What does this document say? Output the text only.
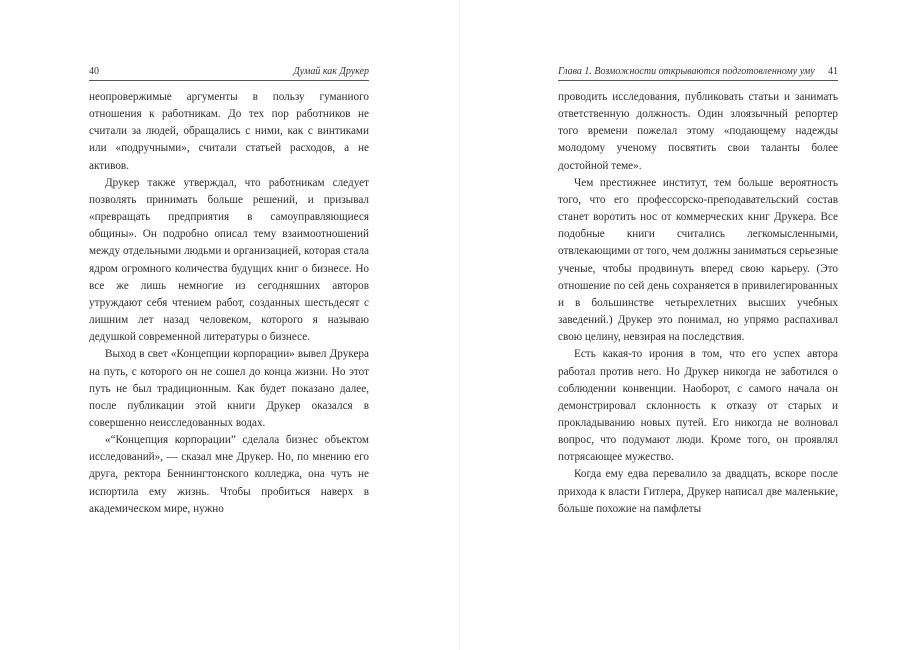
40	Думай как Друкер

неопровержимые аргументы в пользу гуманиого отношения к работникам. До тех пор работников не считали за людей, обращались с ними, как с винтиками или «подручными», считали статьей расходов, а не активов.

Друкер также утверждал, что работникам следует позволять принимать больше решений, и призывал «превращать предприятия в самоуправляющиеся общины». Он подробно описал тему взаимоотношений между отдельными людьми и организацией, которая стала ядром огромного количества будущих книг о бизнесе. Но все же лишь немногие из сегодняшних авторов утруждают себя чтением работ, созданных шестьдесят с лишним лет назад человеком, которого я называю дедушкой современной литературы о бизнесе.

Выход в свет «Концепции корпорации» вывел Друкера на путь, с которого он не сошел до конца жизни. Но этот путь не был традиционным. Как будет показано далее, после публикации этой книги Друкер оказался в совершенно неисследованных водах.

«“Концепция корпорации” сделала бизнес объектом исследований», — сказал мне Друкер. Но, по мнению его друга, ректора Беннингтонского колледжа, она чуть не испортила ему жизнь. Чтобы пробиться наверх в академическом мире, нужно

Глава 1. Возможности открываются подготовленному уму 41

проводить исследования, публиковать статьи и занимать ответственную должность. Один злоязычный репортер того времени пожелал этому «подающему надежды молодому ученому посвятить свои таланты более достойной теме».

Чем престижнее институт, тем больше вероятность того, что его профессорско-преподавательский состав станет воротить нос от коммерческих книг Друкера. Все подобные книги считались легкомысленными, отвлекающими от того, чем должны заниматься серьезные ученые, чтобы продвинуть вперед свою карьеру. (Это отношение по сей день сохраняется в привилегированных и в большинстве четырехлетних высших учебных заведений.) Друкер это понимал, но упрямо распахивал свою целину, невзирая на последствия.

Есть какая-то ирония в том, что его успех автора работал против него. Но Друкер никогда не заботился о соблюдении конвенции. Наоборот, с самого начала он демонстрировал склонность к отказу от старых и прокладыванию новых путей. Его никогда не волновал вопрос, что подумают люди. Кроме того, он проявлял потрясающее мужество.

Когда ему едва перевалило за двадцать, вскоре после прихода к власти Гитлера, Друкер написал две маленькие, больше похожие на памфлеты
